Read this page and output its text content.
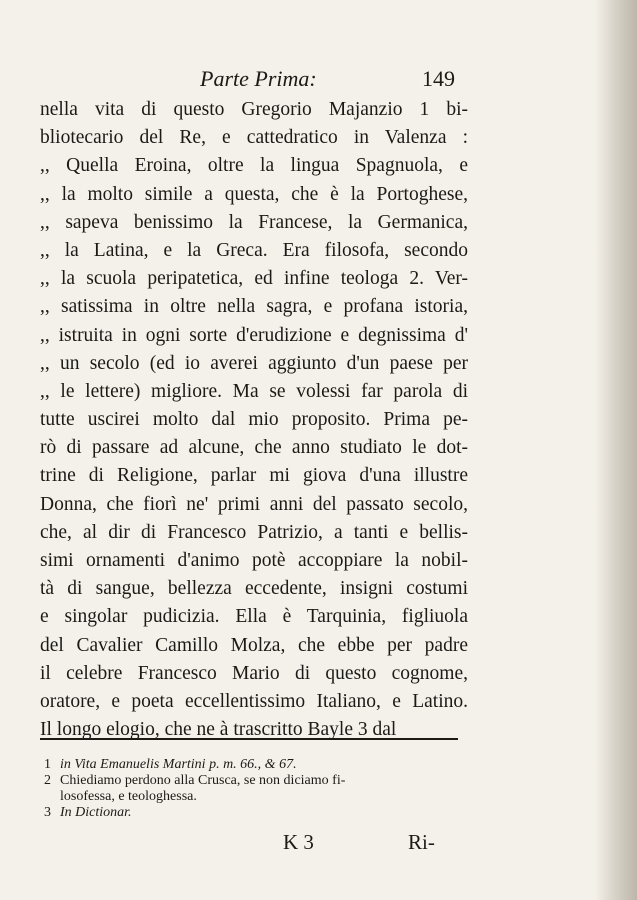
Parte Prima:	149
nella vita di questo Gregorio Majanzio 1 bi-
bliotecario del Re, e cattedratico in Valenza :
,, Quella Eroina, oltre la lingua Spagnuola, e
,, la molto simile a questa, che è la Portoghese,
,, sapeva benissimo la Francese, la Germanica,
,, la Latina, e la Greca. Era filosofa, secondo
,, la scuola peripatetica, ed infine teologa 2. Ver-
,, satissima in oltre nella sagra, e profana istoria,
,, istruita in ogni sorte d'erudizione e degnissima d'
,, un secolo (ed io averei aggiunto d'un paese per
,, le lettere) migliore. Ma se volessi far parola di
tutte uscirei molto dal mio proposito. Prima pe-
rò di passare ad alcune, che anno studiato le dot-
trine di Religione, parlar mi giova d'una illustre
Donna, che fiorì ne' primi anni del passato secolo,
che, al dir di Francesco Patrizio, a tanti e bellis-
simi ornamenti d'animo potè accoppiare la nobil-
tà di sangue, bellezza eccedente, insigni costumi
e singolar pudicizia. Ella è Tarquinia, figliuola
del Cavalier Camillo Molza, che ebbe per padre
il celebre Francesco Mario di questo cognome,
oratore, e poeta eccellentissimo Italiano, e Latino.
Il longo elogio, che ne à trascritto Bayle 3 dal
1 in Vita Emanuelis Martini p. m. 66., & 67.
2 Chiediamo perdono alla Crusca, se non diciamo fi-
losofessa, e teologhessa.
3 In Dictionar.
K 3	Ri-
